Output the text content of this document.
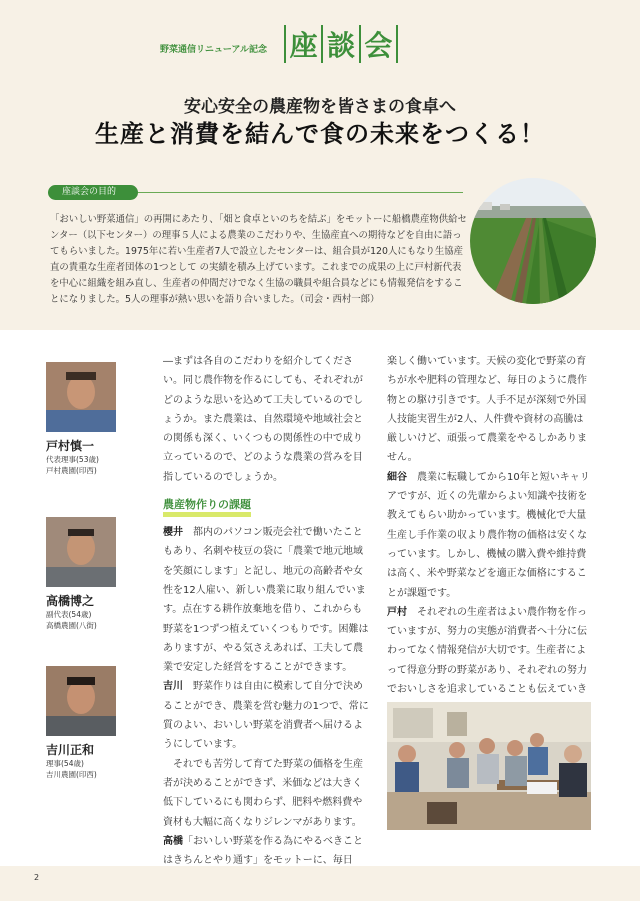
野菜通信リニューアル記念 座 談 会
安心安全の農産物を皆さまの食卓へ
生産と消費を結んで食の未来をつくる！
座談会の目的
「おいしい野菜通信」の再開にあたり、「畑と食卓といのちを結ぶ」をモットーに船橋農産物供給センター（以下センター）の理事５人による農業のこだわりや、生協産直への期待などを自由に語ってもらいました。1975年に若い生産者7人で設立したセンターは、組合員が120人にもなり生協産直の貴重な生産者団体の1つとして の実績を積み上げています。これまでの成果の上に戸村新代表を中心に組織を組み直し、生産者の仲間だけでなく生協の職員や組合員などにも情報発信をすることになりました。5人の理事が熱い思いを語り合いました。（司会・西村一郎）
戸村慎一
代表理事(53歳)
戸村農園(印西)
高橋博之
副代表(54歳)
高橋農園(八街)
吉川正和
理事(54歳)
吉川農園(印西)

―まずは各自のこだわりを紹介してください。同じ農作物を作るにしても、それぞれがどのような思いを込めて工夫しているのでしょうか。また農業は、自然環境や地域社会との関係も深く、いくつもの関係性の中で成り立っているので、どのような農業の営みを目指しているのでしょうか。

農産物作りの課題

櫻井　都内のパソコン販売会社で働いたこともあり、名刺や枝豆の袋に「農業で地元地域を笑顔にします」と記し、地元の高齢者や女性を12人雇い、新しい農業に取り組んでいます。点在する耕作放棄地を借り、これからも野菜を1つずつ植えていくつもりです。困難はありますが、やる気さえあれば、工夫して農業で安定した経営をすることができます。

吉川　野菜作りは自由に模索して自分で決めることができ、農業を営む魅力の1つで、常に質のよい、おいしい野菜を消費者へ届けるようにしています。

　それでも苦労して育てた野菜の価格を生産者が決めることができず、米価などは大きく低下しているにも関わらず、肥料や燃料費や資材も大幅に高くなりジレンマがあります。

高橋「おいしい野菜を作る為にやるべきことはきちんとやり通す」をモットーに、毎日

楽しく働いています。天候の変化で野菜の育ちが水や肥料の管理など、毎日のように農作物との駆け引きです。人手不足が深刻で外国人技能実習生が2人、人件費や資材の高騰は厳しいけど、頑張って農業をやるしかありません。

細谷　農業に転職してから10年と短いキャリアですが、近くの先輩からよい知識や技術を教えてもらい助かっています。機械化で大量生産し手作業の収より農作物の価格は安くなっています。しかし、機械の購入費や維持費は高く、米や野菜などを適正な価格にすることが課題です。

戸村　それぞれの生産者はよい農作物を作っていますが、努力の実態が消費者へ十分に伝わってなく情報発信が大切です。生産者によって得意分野の野菜があり、それぞれの努力でおいしさを追求していることも伝えていき

2
